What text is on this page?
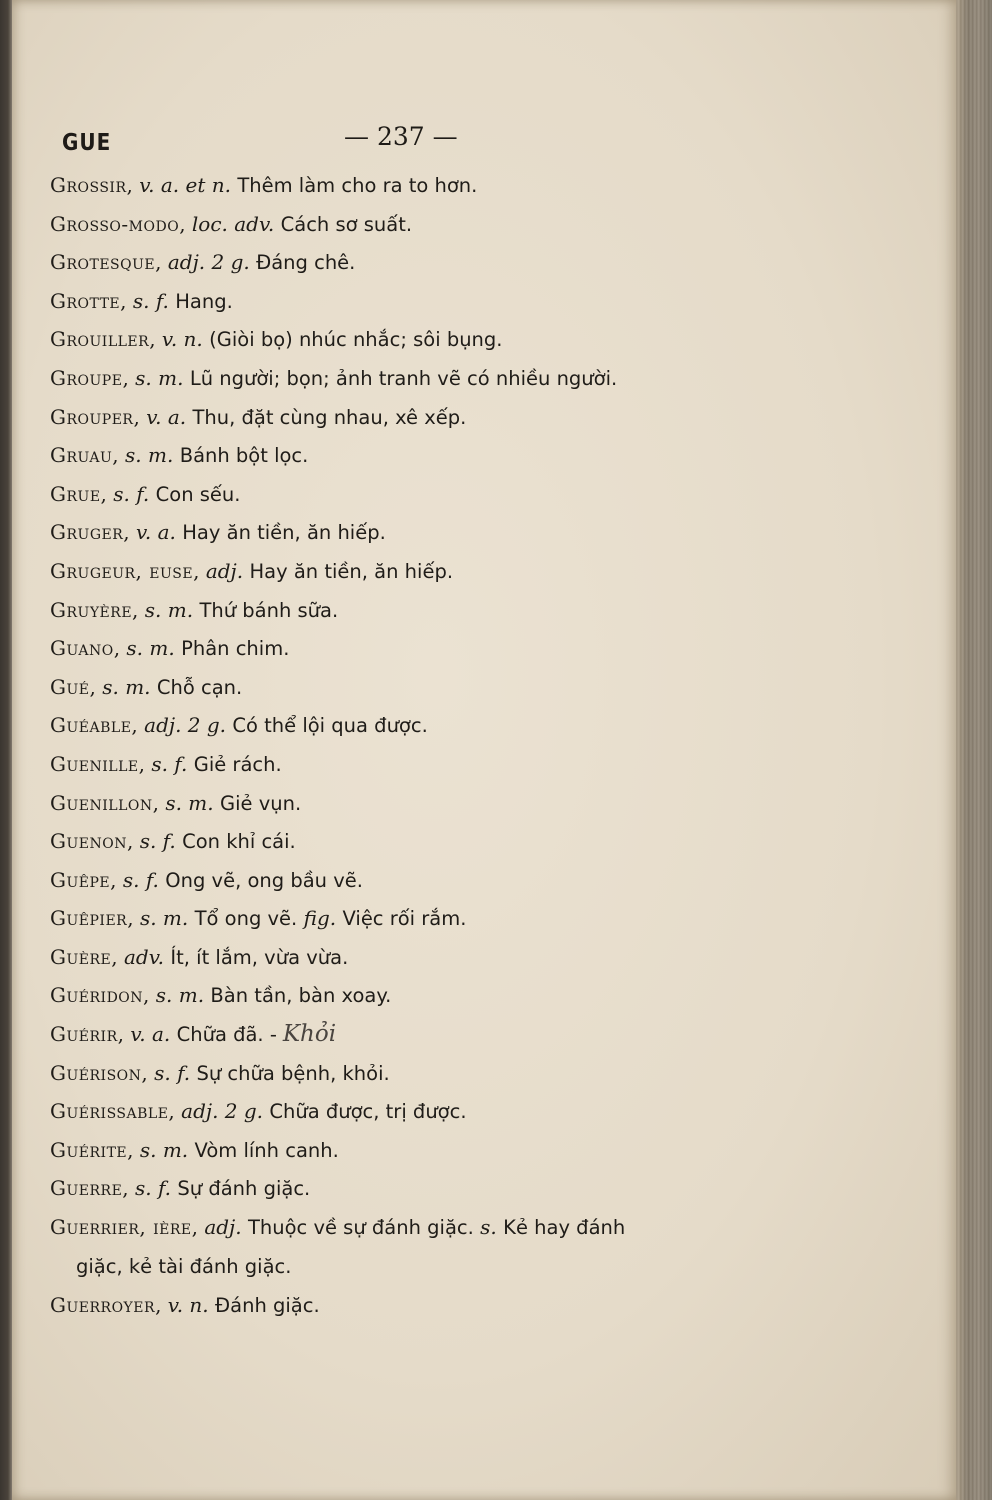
GUE	— 237 —
Grossir, v. a. et n. Thêm làm cho ra to hơn.
Grosso-modo, loc. adv. Cách sơ suất.
Grotesque, adj. 2 g. Đáng chê.
Grotte, s. f. Hang.
Grouiller, v. n. (Giòi bọ) nhúc nhắc; sôi bụng.
Groupe, s. m. Lũ người; bọn; ảnh tranh vẽ có nhiều người.
Grouper, v. a. Thu, đặt cùng nhau, xê xếp.
Gruau, s. m. Bánh bột lọc.
Grue, s. f. Con sếu.
Gruger, v. a. Hay ăn tiền, ăn hiếp.
Grugeur, euse, adj. Hay ăn tiền, ăn hiếp.
Gruyère, s. m. Thứ bánh sữa.
Guano, s. m. Phân chim.
Gué, s. m. Chỗ cạn.
Guéable, adj. 2 g. Có thể lội qua được.
Guenille, s. f. Giẻ rách.
Guenillon, s. m. Giẻ vụn.
Guenon, s. f. Con khỉ cái.
Guêpe, s. f. Ong vẽ, ong bầu vẽ.
Guêpier, s. m. Tổ ong vẽ. fig. Việc rối rắm.
Guère, adv. Ít, ít lắm, vừa vừa.
Guéridon, s. m. Bàn tần, bàn xoay.
Guérir, v. a. Chữa đã. - Khỏi
Guérison, s. f. Sự chữa bệnh, khỏi.
Guérissable, adj. 2 g. Chữa được, trị được.
Guérite, s. m. Vòm lính canh.
Guerre, s. f. Sự đánh giặc.
Guerrier, ière, adj. Thuộc về sự đánh giặc. s. Kẻ hay đánh
giặc, kẻ tài đánh giặc.
Guerroyer, v. n. Đánh giặc.
